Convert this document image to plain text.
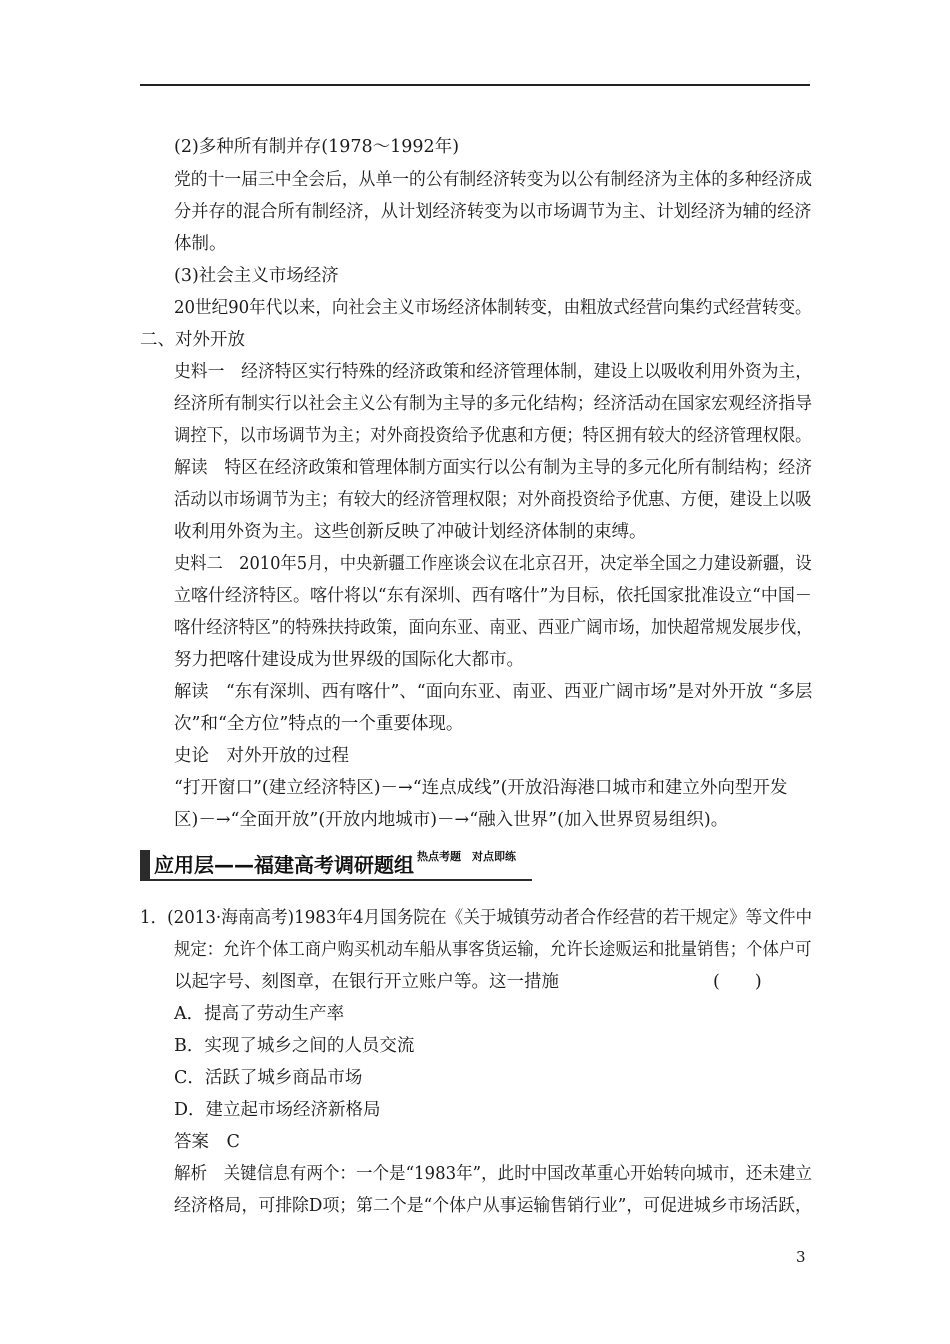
(2)多种所有制并存(1978～1992年)
党的十一届三中全会后，从单一的公有制经济转变为以公有制经济为主体的多种经济成
分并存的混合所有制经济，从计划经济转变为以市场调节为主、计划经济为辅的经济
体制。
(3)社会主义市场经济
20世纪90年代以来，向社会主义市场经济体制转变，由粗放式经营向集约式经营转变。
二、对外开放
史料一　经济特区实行特殊的经济政策和经济管理体制，建设上以吸收利用外资为主，
经济所有制实行以社会主义公有制为主导的多元化结构；经济活动在国家宏观经济指导
调控下，以市场调节为主；对外商投资给予优惠和方便；特区拥有较大的经济管理权限。
解读　特区在经济政策和管理体制方面实行以公有制为主导的多元化所有制结构；经济
活动以市场调节为主；有较大的经济管理权限；对外商投资给予优惠、方便，建设上以吸
收利用外资为主。这些创新反映了冲破计划经济体制的束缚。
史料二　2010年5月，中央新疆工作座谈会议在北京召开，决定举全国之力建设新疆，设
立喀什经济特区。喀什将以“东有深圳、西有喀什”为目标，依托国家批准设立“中国－
喀什经济特区”的特殊扶持政策，面向东亚、南亚、西亚广阔市场，加快超常规发展步伐，
努力把喀什建设成为世界级的国际化大都市。
解读　“东有深圳、西有喀什”、“面向东亚、南亚、西亚广阔市场”是对外开放 “多层
次”和“全方位”特点的一个重要体现。
史论　对外开放的过程
“打开窗口”(建立经济特区)－→“连点成线”(开放沿海港口城市和建立外向型开发
区)－→“全面开放”(开放内地城市)－→“融入世界”(加入世界贸易组织)。
应用层——福建高考调研题组 热点考题　对点即练
1．(2013·海南高考)1983年4月国务院在《关于城镇劳动者合作经营的若干规定》等文件中
规定：允许个体工商户购买机动车船从事客货运输，允许长途贩运和批量销售；个体户可
以起字号、刻图章，在银行开立账户等。这一措施	(　　)
A．提高了劳动生产率
B．实现了城乡之间的人员交流
C．活跃了城乡商品市场
D．建立起市场经济新格局
答案　C
解析　关键信息有两个：一个是“1983年”，此时中国改革重心开始转向城市，还未建立
经济格局，可排除D项；第二个是“个体户从事运输售销行业”，可促进城乡市场活跃，
3
